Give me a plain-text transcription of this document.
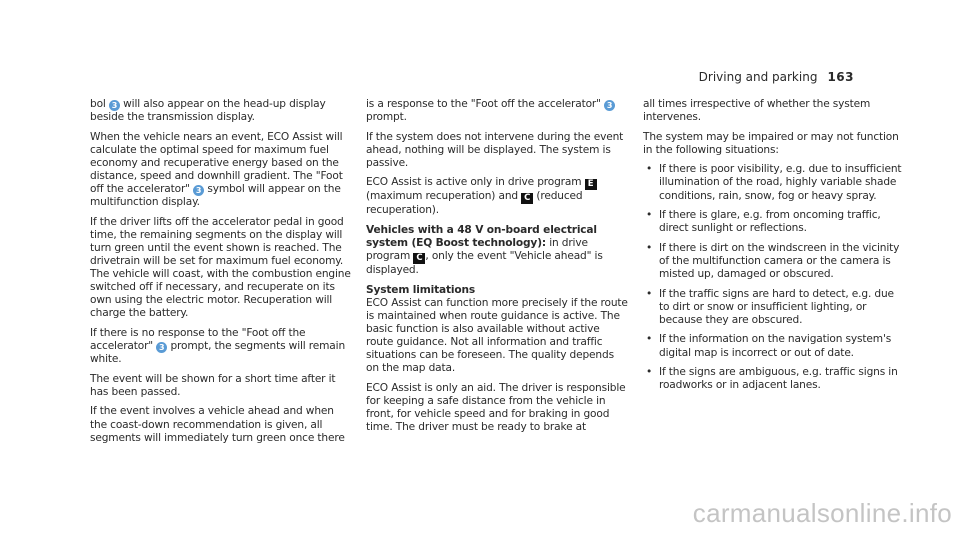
Driving and parking 163

bol 3 will also appear on the head-up display beside the transmission display.

When the vehicle nears an event, ECO Assist will calculate the optimal speed for maximum fuel economy and recuperative energy based on the distance, speed and downhill gradient. The "Foot off the accelerator" 3 symbol will appear on the multifunction display.

If the driver lifts off the accelerator pedal in good time, the remaining segments on the display will turn green until the event shown is reached. The drivetrain will be set for maximum fuel economy. The vehicle will coast, with the combustion engine switched off if necessary, and recuperate on its own using the electric motor. Recuperation will charge the battery.

If there is no response to the "Foot off the accelerator" 3 prompt, the segments will remain white.

The event will be shown for a short time after it has been passed.

If the event involves a vehicle ahead and when the coast-down recommendation is given, all segments will immediately turn green once there

is a response to the "Foot off the accelerator" 3 prompt.

If the system does not intervene during the event ahead, nothing will be displayed. The system is passive.

ECO Assist is active only in drive program E (maximum recuperation) and C (reduced recuperation).

Vehicles with a 48 V on-board electrical system (EQ Boost technology): in drive program C , only the event "Vehicle ahead" is displayed.

System limitations
ECO Assist can function more precisely if the route is maintained when route guidance is active. The basic function is also available without active route guidance. Not all information and traffic situations can be foreseen. The quality depends on the map data.

ECO Assist is only an aid. The driver is responsible for keeping a safe distance from the vehicle in front, for vehicle speed and for braking in good time. The driver must be ready to brake at

all times irrespective of whether the system intervenes.

The system may be impaired or may not function in the following situations:

• If there is poor visibility, e.g. due to insufficient illumination of the road, highly variable shade conditions, rain, snow, fog or heavy spray.
• If there is glare, e.g. from oncoming traffic, direct sunlight or reflections.
• If there is dirt on the windscreen in the vicinity of the multifunction camera or the camera is misted up, damaged or obscured.
• If the traffic signs are hard to detect, e.g. due to dirt or snow or insufficient lighting, or because they are obscured.
• If the information on the navigation system's digital map is incorrect or out of date.
• If the signs are ambiguous, e.g. traffic signs in roadworks or in adjacent lanes.
carmanualsonline.info
